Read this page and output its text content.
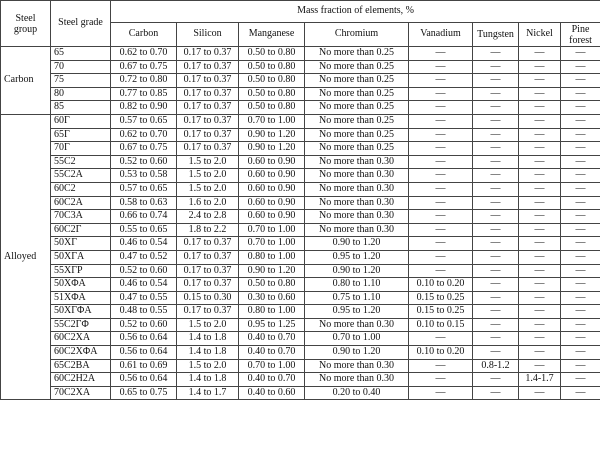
Steel group	Steel grade	Mass fraction of elements, %							
		Carbon	Silicon	Manganese	Chromium	Vanadium	Tungsten	Nickel	Pine forest
Carbon	65	0.62 to 0.70	0.17 to 0.37	0.50 to 0.80	No more than 0.25	—	—	—	—
	70	0.67 to 0.75	0.17 to 0.37	0.50 to 0.80	No more than 0.25	—	—	—	—
	75	0.72 to 0.80	0.17 to 0.37	0.50 to 0.80	No more than 0.25	—	—	—	—
	80	0.77 to 0.85	0.17 to 0.37	0.50 to 0.80	No more than 0.25	—	—	—	—
	85	0.82 to 0.90	0.17 to 0.37	0.50 to 0.80	No more than 0.25	—	—	—	—
Alloyed	60Γ	0.57 to 0.65	0.17 to 0.37	0.70 to 1.00	No more than 0.25	—	—	—	—
	65Γ	0.62 to 0.70	0.17 to 0.37	0.90 to 1.20	No more than 0.25	—	—	—	—
	70Γ	0.67 to 0.75	0.17 to 0.37	0.90 to 1.20	No more than 0.25	—	—	—	—
	55C2	0.52 to 0.60	1.5 to 2.0	0.60 to 0.90	No more than 0.30	—	—	—	—
	55C2A	0.53 to 0.58	1.5 to 2.0	0.60 to 0.90	No more than 0.30	—	—	—	—
	60C2	0.57 to 0.65	1.5 to 2.0	0.60 to 0.90	No more than 0.30	—	—	—	—
	60C2A	0.58 to 0.63	1.6 to 2.0	0.60 to 0.90	No more than 0.30	—	—	—	—
	70C3A	0.66 to 0.74	2.4 to 2.8	0.60 to 0.90	No more than 0.30	—	—	—	—
	60C2Γ	0.55 to 0.65	1.8 to 2.2	0.70 to 1.00	No more than 0.30	—	—	—	—
	50XΓ	0.46 to 0.54	0.17 to 0.37	0.70 to 1.00	0.90 to 1.20	—	—	—	—
	50XΓA	0.47 to 0.52	0.17 to 0.37	0.80 to 1.00	0.95 to 1.20	—	—	—	—
	55XΓP	0.52 to 0.60	0.17 to 0.37	0.90 to 1.20	0.90 to 1.20	—	—	—	—
	50XΦA	0.46 to 0.54	0.17 to 0.37	0.50 to 0.80	0.80 to 1.10	0.10 to 0.20	—	—	—
	51XΦA	0.47 to 0.55	0.15 to 0.30	0.30 to 0.60	0.75 to 1.10	0.15 to 0.25	—	—	—
	50XΓΦA	0.48 to 0.55	0.17 to 0.37	0.80 to 1.00	0.95 to 1.20	0.15 to 0.25	—	—	—
	55C2ΓΦ	0.52 to 0.60	1.5 to 2.0	0.95 to 1.25	No more than 0.30	0.10 to 0.15	—	—	—
	60C2XA	0.56 to 0.64	1.4 to 1.8	0.40 to 0.70	0.70 to 1.00	—	—	—	—
	60C2XΦA	0.56 to 0.64	1.4 to 1.8	0.40 to 0.70	0.90 to 1.20	0.10 to 0.20	—	—	—
	65C2BA	0.61 to 0.69	1.5 to 2.0	0.70 to 1.00	No more than 0.30	—	0.8-1.2	—	—
	60C2H2A	0.56 to 0.64	1.4 to 1.8	0.40 to 0.70	No more than 0.30	—	—	1.4-1.7	—
	70C2XA	0.65 to 0.75	1.4 to 1.7	0.40 to 0.60	0.20 to 0.40	—	—	—	—
